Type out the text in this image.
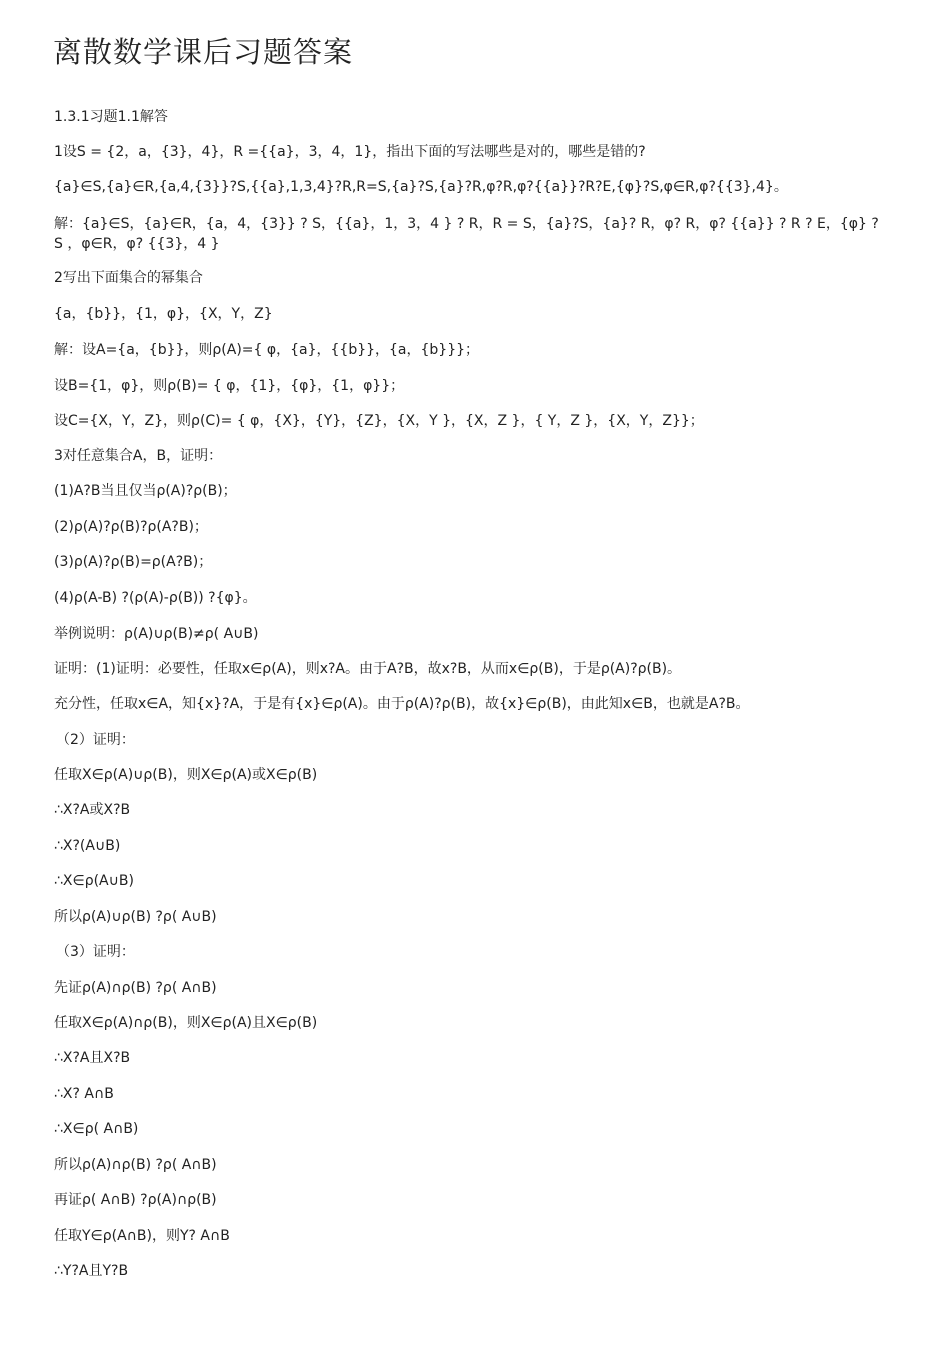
离散数学课后习题答案

1.3.1习题1.1解答

1设S = {2，a，{3}，4}，R ={{a}，3，4，1}，指出下面的写法哪些是对的，哪些是错的?

{a}∈S,{a}∈R,{a,4,{3}}?S,{{a},1,3,4}?R,R=S,{a}?S,{a}?R,φ?R,φ?{{a}}?R?E,{φ}?S,φ∈R,φ?{{3},4}。

解：{a}∈S，{a}∈R，{a，4，{3}} ? S，{{a}，1，3，4 } ? R，R = S，{a}?S，{a}? R，φ? R，φ? {{a}} ? R ? E，{φ} ? S ，φ∈R，φ? {{3}，4 }

2写出下面集合的幂集合

{a，{b}}，{1，φ}，{X，Y，Z}

解：设A={a，{b}}，则ρ(A)={ φ，{a}，{{b}}，{a，{b}}}；

设B={1，φ}，则ρ(B)= { φ，{1}，{φ}，{1，φ}}；

设C={X，Y，Z}，则ρ(C)= { φ，{X}，{Y}，{Z}，{X，Y }，{X，Z }，{ Y，Z }，{X，Y，Z}}；

3对任意集合A，B，证明：

(1)A?B当且仅当ρ(A)?ρ(B)；

(2)ρ(A)?ρ(B)?ρ(A?B)；

(3)ρ(A)?ρ(B)=ρ(A?B)；

(4)ρ(A-B) ?(ρ(A)-ρ(B)) ?{φ}。

举例说明：ρ(A)∪ρ(B)≠ρ( A∪B)

证明：(1)证明：必要性，任取x∈ρ(A)，则x?A。由于A?B，故x?B，从而x∈ρ(B)，于是ρ(A)?ρ(B)。

充分性，任取x∈A，知{x}?A，于是有{x}∈ρ(A)。由于ρ(A)?ρ(B)，故{x}∈ρ(B)，由此知x∈B，也就是A?B。

（2）证明：

任取X∈ρ(A)∪ρ(B)，则X∈ρ(A)或X∈ρ(B)

∴X?A或X?B

∴X?(A∪B)

∴X∈ρ(A∪B)

所以ρ(A)∪ρ(B) ?ρ( A∪B)

（3）证明：

先证ρ(A)∩ρ(B) ?ρ( A∩B)

任取X∈ρ(A)∩ρ(B)，则X∈ρ(A)且X∈ρ(B)

∴X?A且X?B

∴X? A∩B

∴X∈ρ( A∩B)

所以ρ(A)∩ρ(B) ?ρ( A∩B)

再证ρ( A∩B) ?ρ(A)∩ρ(B)

任取Y∈ρ(A∩B)，则Y? A∩B

∴Y?A且Y?B
